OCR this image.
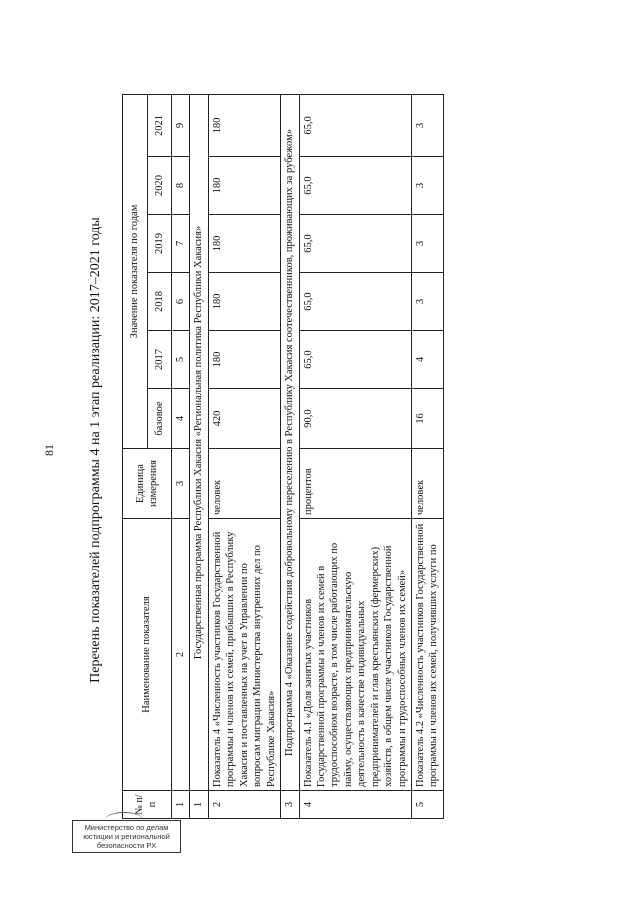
81 Перечень показателей подпрограммы 4 на 1 этап реализации: 2017–2021 годы
№ п/п	Наименование показателя	Единица измерения	Значение показателя по годам					
			базовое	2017	2018	2019	2020	2021
1	2	3	4	5	6	7	8	9
1	Государственная программа Республики Хакасия «Региональная политика Республики Хакасия»							
2	Показатель 4 «Численность участников Государственной программы и членов их семей, прибывших в Республику Хакасия и поставленных на учет в Управлении по вопросам миграции Министерства внутренних дел по Республике Хакасия»	человек	420	180	180	180	180	180
3	Подпрограмма 4 «Оказание содействия добровольному переселению в Республику Хакасия соотечественников, проживающих за рубежом»							
4	Показатель 4.1 «Доля занятых участников Государственной программы и членов их семей в трудоспособном возрасте, в том числе работающих по найму, осуществляющих предпринимательскую деятельность в качестве индивидуальных предпринимателей и глав крестьянских (фермерских) хозяйств, в общем числе участников Государственной программы и трудоспособных членов их семей»	процентов	90,0	65,0	65,0	65,0	65,0	65,0
5	Показатель 4.2 «Численность участников Государственной программы и членов их семей, получивших услуги по	человек	16	4	3	3	3	3
Министерство по делам
юстиции и региональной
безопасности РХ
